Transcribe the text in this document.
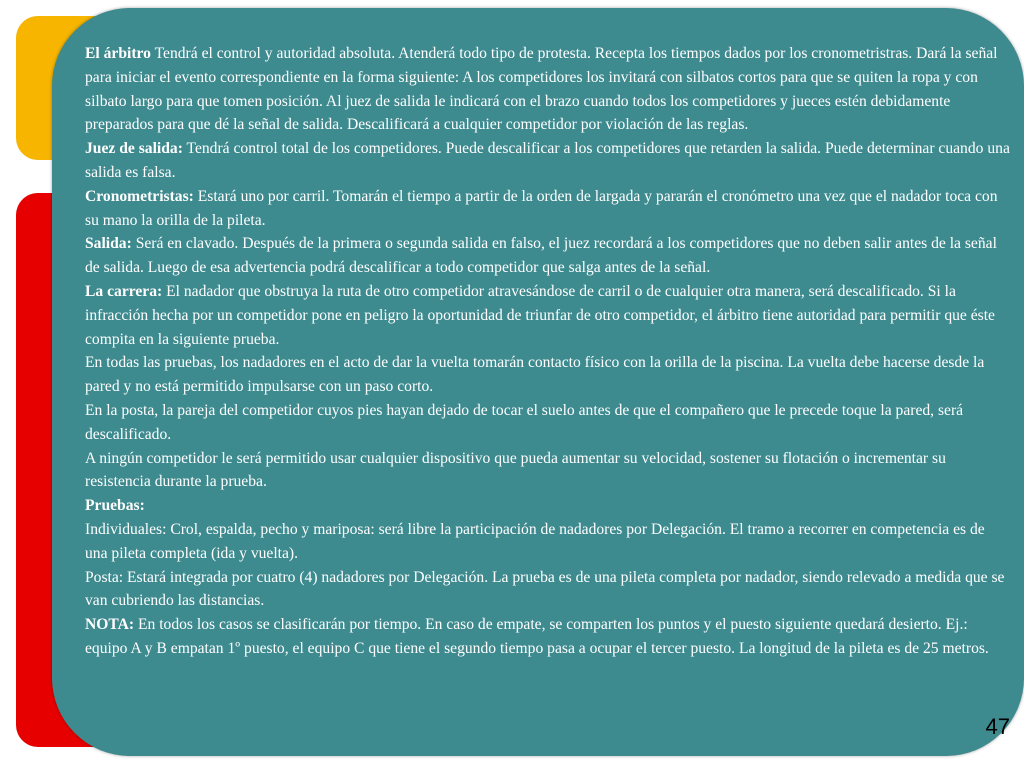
El árbitro Tendrá el control y autoridad absoluta. Atenderá todo tipo de protesta. Recepta los tiempos dados por los cronometristras. Dará la señal para iniciar el evento correspondiente en la forma siguiente: A los competidores los invitará con silbatos cortos para que se quiten la ropa y con silbato largo para que tomen posición. Al juez de salida le indicará con el brazo cuando todos los competidores y jueces estén debidamente preparados para que dé la señal de salida. Descalificará a cualquier competidor por violación de las reglas.

Juez de salida: Tendrá control total de los competidores. Puede descalificar a los competidores que retarden la salida. Puede determinar cuando una salida es falsa.

Cronometristas: Estará uno por carril. Tomarán el tiempo a partir de la orden de largada y pararán el cronómetro una vez que el nadador toca con su mano la orilla de la pileta.

Salida: Será en clavado. Después de la primera o segunda salida en falso, el juez recordará a los competidores que no deben salir antes de la señal de salida. Luego de esa advertencia podrá descalificar a todo competidor que salga antes de la señal.

La carrera: El nadador que obstruya la ruta de otro competidor atravesándose de carril o de cualquier otra manera, será descalificado. Si la infracción hecha por un competidor pone en peligro la oportunidad de triunfar de otro competidor, el árbitro tiene autoridad para permitir que éste compita en la siguiente prueba.

En todas las pruebas, los nadadores en el acto de dar la vuelta tomarán contacto físico con la orilla de la piscina. La vuelta debe hacerse desde la pared y no está permitido impulsarse con un paso corto.

En la posta, la pareja del competidor cuyos pies hayan dejado de tocar el suelo antes de que el compañero que le precede toque la pared, será descalificado.

A ningún competidor le será permitido usar cualquier dispositivo que pueda aumentar su velocidad, sostener su flotación o incrementar su resistencia durante la prueba.

Pruebas:

Individuales: Crol, espalda, pecho y mariposa: será libre la participación de nadadores por Delegación. El tramo a recorrer en competencia es de una pileta completa (ida y vuelta).

Posta: Estará integrada por cuatro (4) nadadores por Delegación. La prueba es de una pileta completa por nadador, siendo relevado a medida que se van cubriendo las distancias.

NOTA: En todos los casos se clasificarán por tiempo. En caso de empate, se comparten los puntos y el puesto siguiente quedará desierto. Ej.: equipo A y B empatan 1º puesto, el equipo C que tiene el segundo tiempo pasa a ocupar el tercer puesto. La longitud de la pileta es de 25 metros.

47
